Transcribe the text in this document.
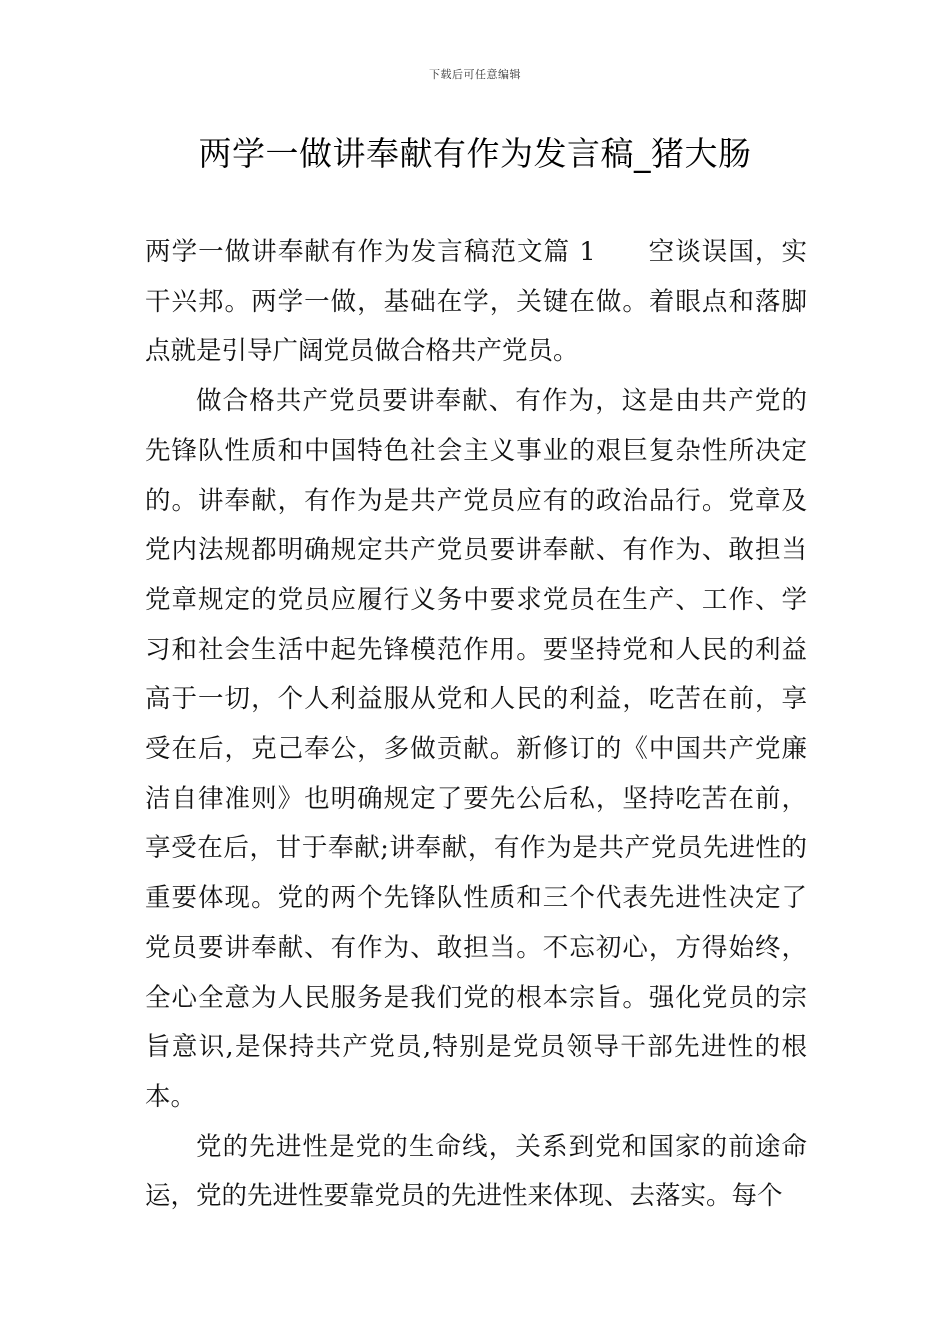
下载后可任意编辑
两学一做讲奉献有作为发言稿_猪大肠

两学一做讲奉献有作为发言稿范文篇 1 空谈误国，实干兴邦。两学一做，基础在学，关键在做。着眼点和落脚点就是引导广阔党员做合格共产党员。

做合格共产党员要讲奉献、有作为，这是由共产党的先锋队性质和中国特色社会主义事业的艰巨复杂性所决定的。讲奉献，有作为是共产党员应有的政治品行。党章及党内法规都明确规定共产党员要讲奉献、有作为、敢担当党章规定的党员应履行义务中要求党员在生产、工作、学习和社会生活中起先锋模范作用。要坚持党和人民的利益高于一切，个人利益服从党和人民的利益，吃苦在前，享受在后，克己奉公，多做贡献。新修订的《中国共产党廉洁自律准则》也明确规定了要先公后私，坚持吃苦在前，享受在后，甘于奉献;讲奉献，有作为是共产党员先进性的重要体现。党的两个先锋队性质和三个代表先进性决定了党员要讲奉献、有作为、敢担当。不忘初心，方得始终，全心全意为人民服务是我们党的根本宗旨。强化党员的宗旨意识,是保持共产党员,特别是党员领导干部先进性的根本。

党的先进性是党的生命线，关系到党和国家的前途命运，党的先进性要靠党员的先进性来体现、去落实。每个
